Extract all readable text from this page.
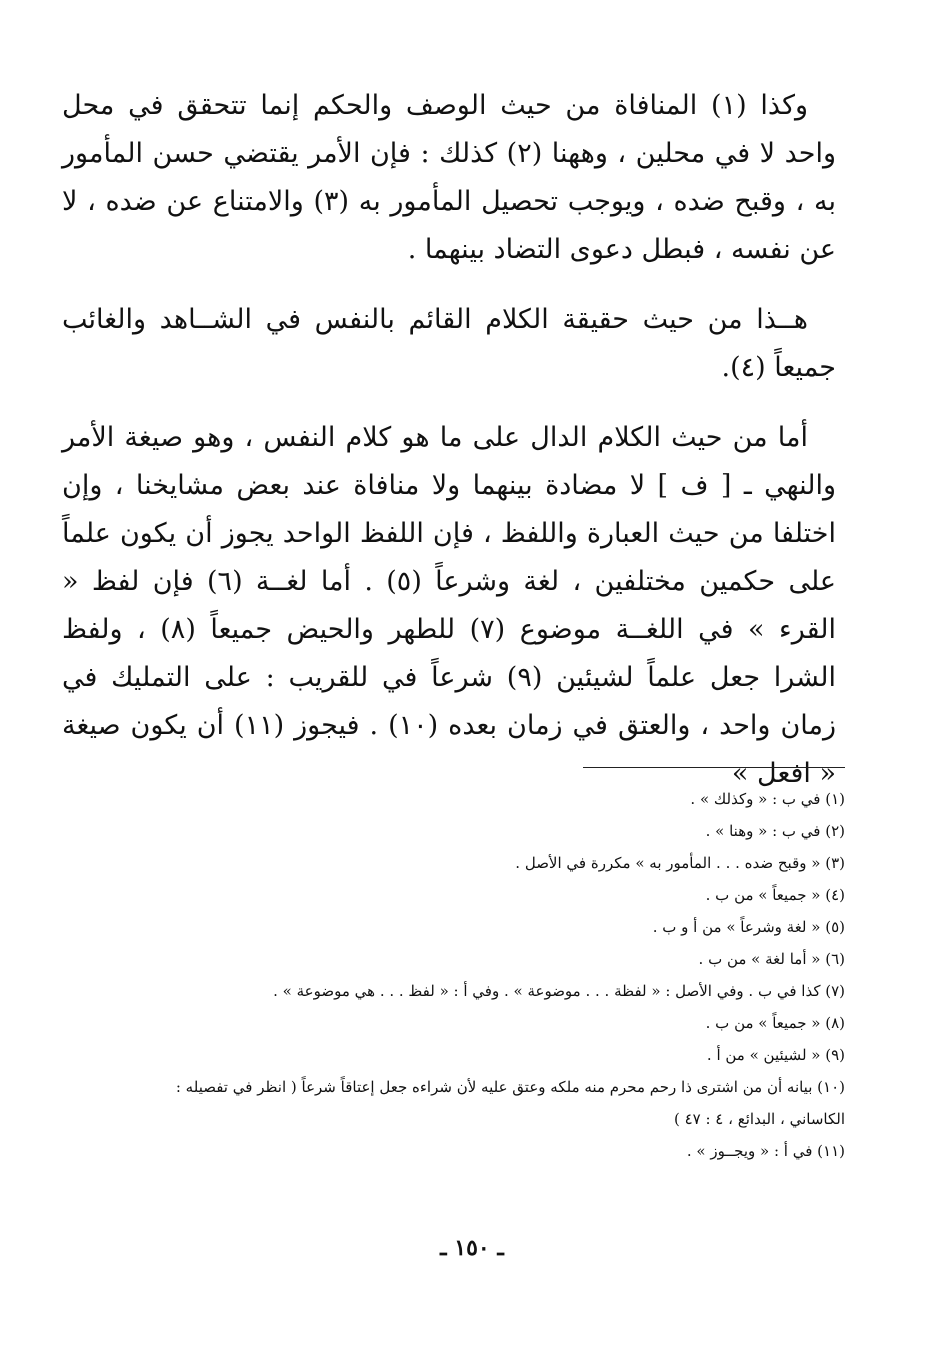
وكذا (١) المنافاة من حيث الوصف والحكم إنما تتحقق في محل واحد لا في محلين ، وههنا (٢) كذلك : فإن الأمر يقتضي حسن المأمور به ، وقبح ضده ، ويوجب تحصيل المأمور به (٣) والامتناع عن ضده ، لا عن نفسه ، فبطل دعوى التضاد بينهما .

هــذا من حيث حقيقة الكلام القائم بالنفس في الشــاهد والغائب جميعاً (٤).

أما من حيث الكلام الدال على ما هو كلام النفس ، وهو صيغة الأمر والنهي ـ [ ف ] لا مضادة بينهما ولا منافاة عند بعض مشايخنا ، وإن اختلفا من حيث العبارة واللفظ ، فإن اللفظ الواحد يجوز أن يكون علماً على حكمين مختلفين ، لغة وشرعاً (٥) . أما لغــة (٦) فإن لفظ « القرء » في اللغــة موضوع (٧) للطهر والحيض جميعاً (٨) ، ولفظ الشرا جعل علماً لشيئين (٩) شرعاً في للقريب : على التمليك في زمان واحد ، والعتق في زمان بعده (١٠) . فيجوز (١١) أن يكون صيغة « افعل »

(١) في ب : « وكذلك » .
(٢) في ب : « وهنا » .
(٣) « وقبح ضده . . . المأمور به » مكررة في الأصل .
(٤) « جميعاً » من ب .
(٥) « لغة وشرعاً » من أ و ب .
(٦) « أما لغة » من ب .
(٧) كذا في ب . وفي الأصل : « لفظة . . . موضوعة » . وفي أ : « لفظ . . . هي موضوعة » .
(٨) « جميعاً » من ب .
(٩) « لشيئين » من أ .
(١٠) بيانه أن من اشترى ذا رحم محرم منه ملكه وعتق عليه لأن شراءه جعل إعتاقاً شرعاً ( انظر في تفصيله : الكاساني ، البدائع ، ٤ : ٤٧ )
(١١) في أ : « ويجــوز » .
ـ ١٥٠ ـ
